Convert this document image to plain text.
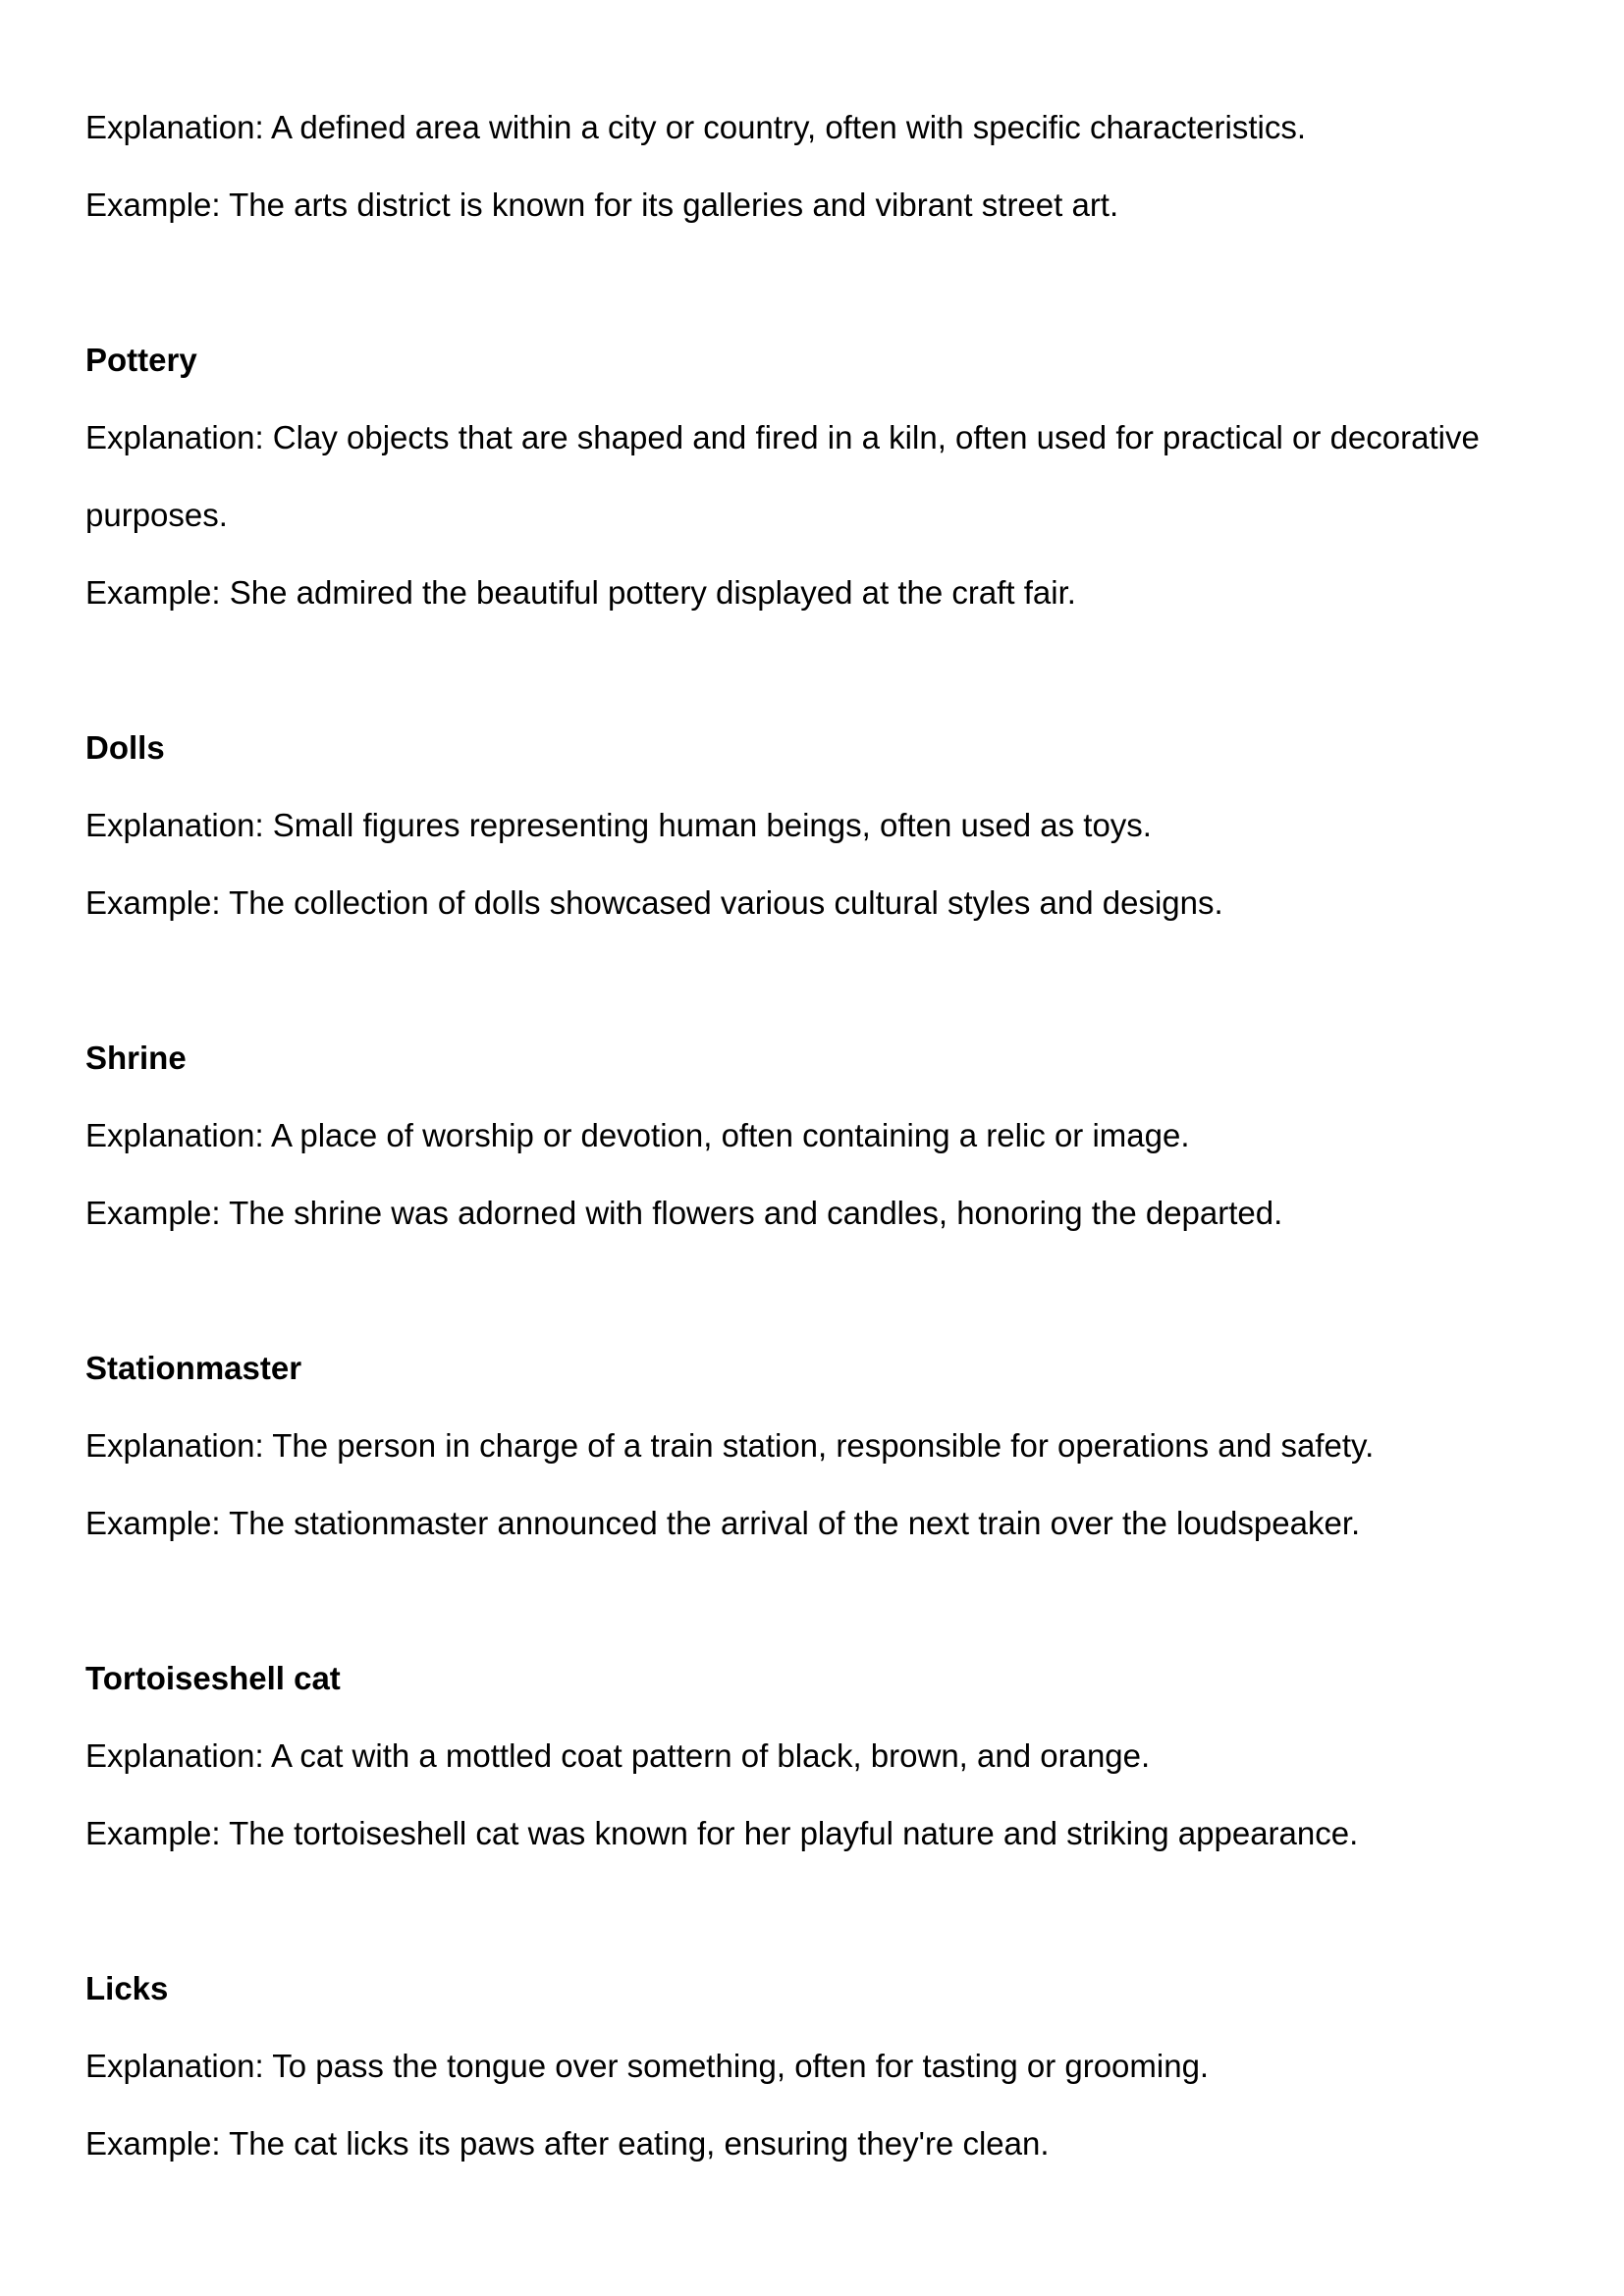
Explanation: A defined area within a city or country, often with specific characteristics.

Example: The arts district is known for its galleries and vibrant street art.

Pottery

Explanation: Clay objects that are shaped and fired in a kiln, often used for practical or decorative

purposes.

Example: She admired the beautiful pottery displayed at the craft fair.

Dolls

Explanation: Small figures representing human beings, often used as toys.

Example: The collection of dolls showcased various cultural styles and designs.

Shrine

Explanation: A place of worship or devotion, often containing a relic or image.

Example: The shrine was adorned with flowers and candles, honoring the departed.

Stationmaster

Explanation: The person in charge of a train station, responsible for operations and safety.

Example: The stationmaster announced the arrival of the next train over the loudspeaker.

Tortoiseshell cat

Explanation: A cat with a mottled coat pattern of black, brown, and orange.

Example: The tortoiseshell cat was known for her playful nature and striking appearance.

Licks

Explanation: To pass the tongue over something, often for tasting or grooming.

Example: The cat licks its paws after eating, ensuring they're clean.
